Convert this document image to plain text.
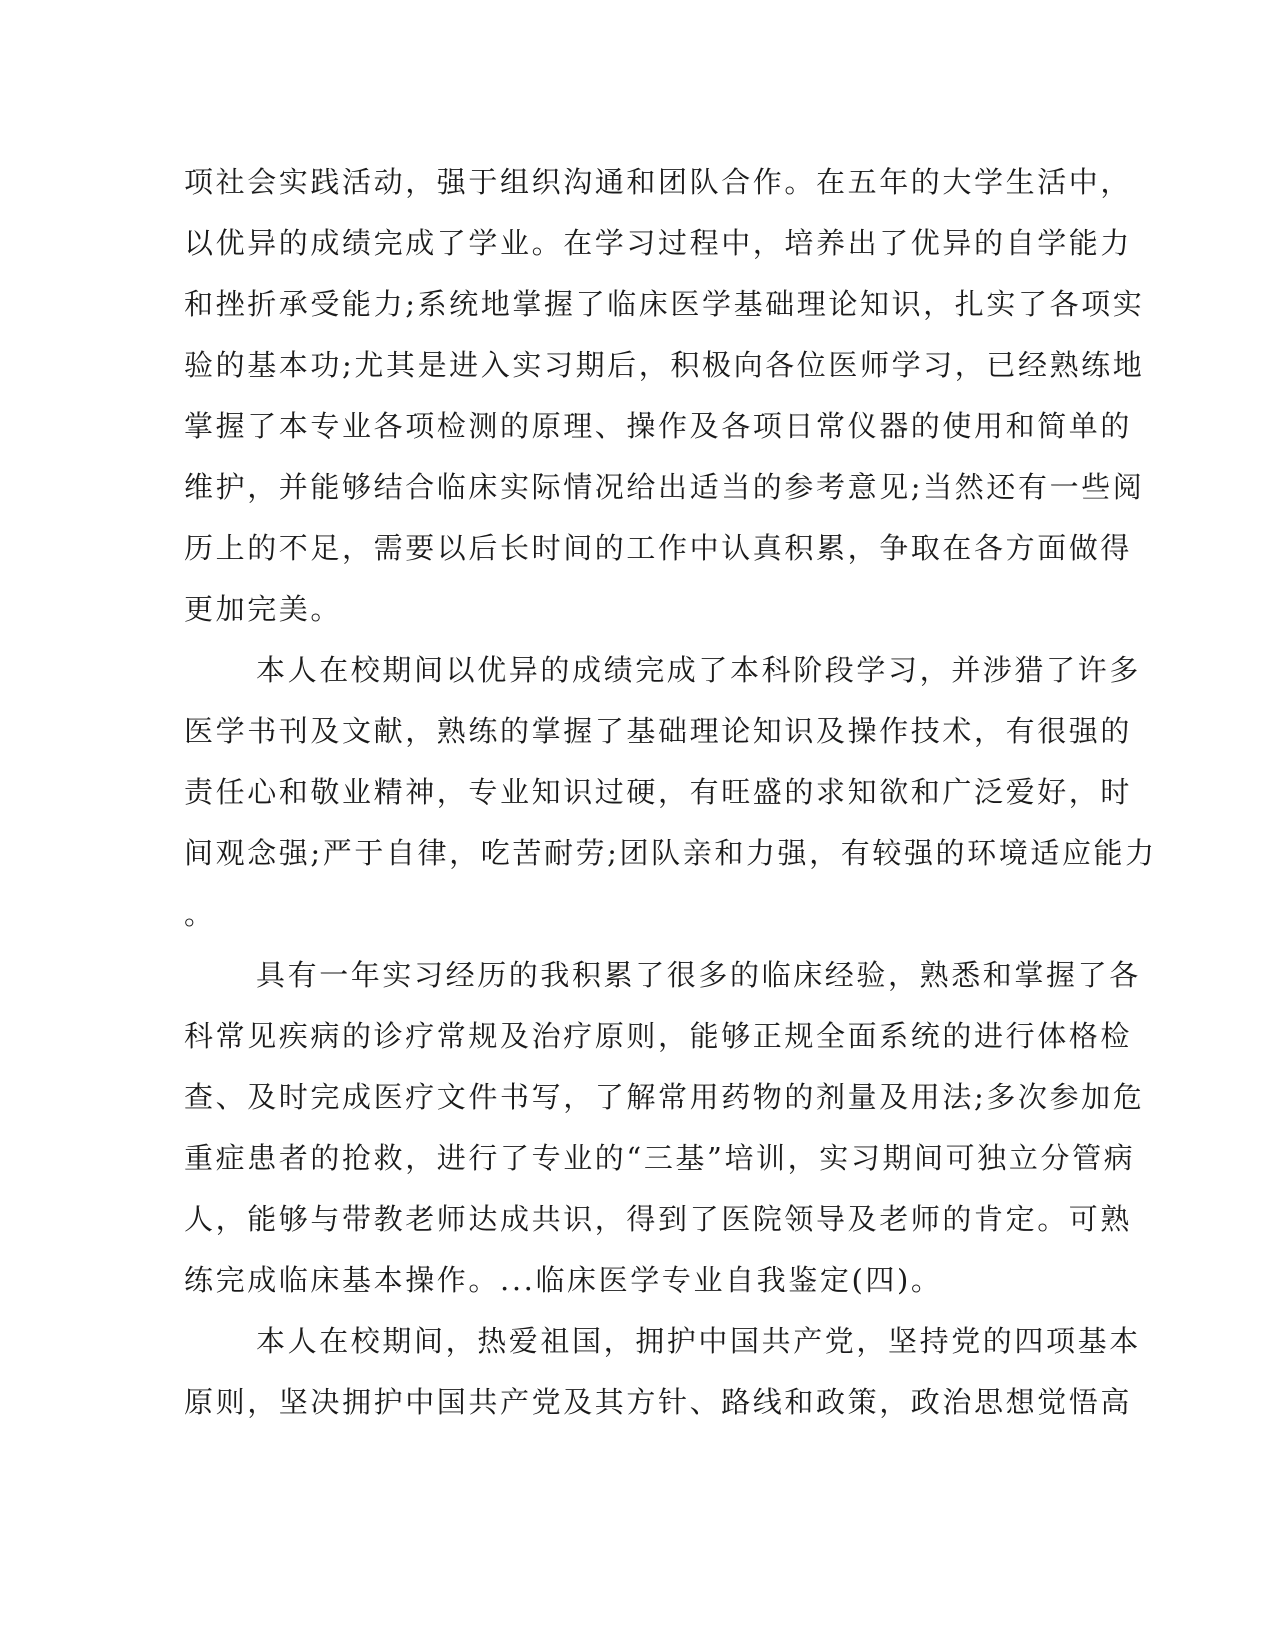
项社会实践活动，强于组织沟通和团队合作。在五年的大学生活中，
以优异的成绩完成了学业。在学习过程中，培养出了优异的自学能力
和挫折承受能力;系统地掌握了临床医学基础理论知识，扎实了各项实
验的基本功;尤其是进入实习期后，积极向各位医师学习，已经熟练地
掌握了本专业各项检测的原理、操作及各项日常仪器的使用和简单的
维护，并能够结合临床实际情况给出适当的参考意见;当然还有一些阅
历上的不足，需要以后长时间的工作中认真积累，争取在各方面做得
更加完美。
本人在校期间以优异的成绩完成了本科阶段学习，并涉猎了许多
医学书刊及文献，熟练的掌握了基础理论知识及操作技术，有很强的
责任心和敬业精神，专业知识过硬，有旺盛的求知欲和广泛爱好，时
间观念强;严于自律，吃苦耐劳;团队亲和力强，有较强的环境适应能力
。
具有一年实习经历的我积累了很多的临床经验，熟悉和掌握了各
科常见疾病的诊疗常规及治疗原则，能够正规全面系统的进行体格检
查、及时完成医疗文件书写，了解常用药物的剂量及用法;多次参加危
重症患者的抢救，进行了专业的“三基”培训，实习期间可独立分管病
人，能够与带教老师达成共识，得到了医院领导及老师的肯定。可熟
练完成临床基本操作。...临床医学专业自我鉴定(四)。
本人在校期间，热爱祖国，拥护中国共产党，坚持党的四项基本
原则，坚决拥护中国共产党及其方针、路线和政策，政治思想觉悟高
